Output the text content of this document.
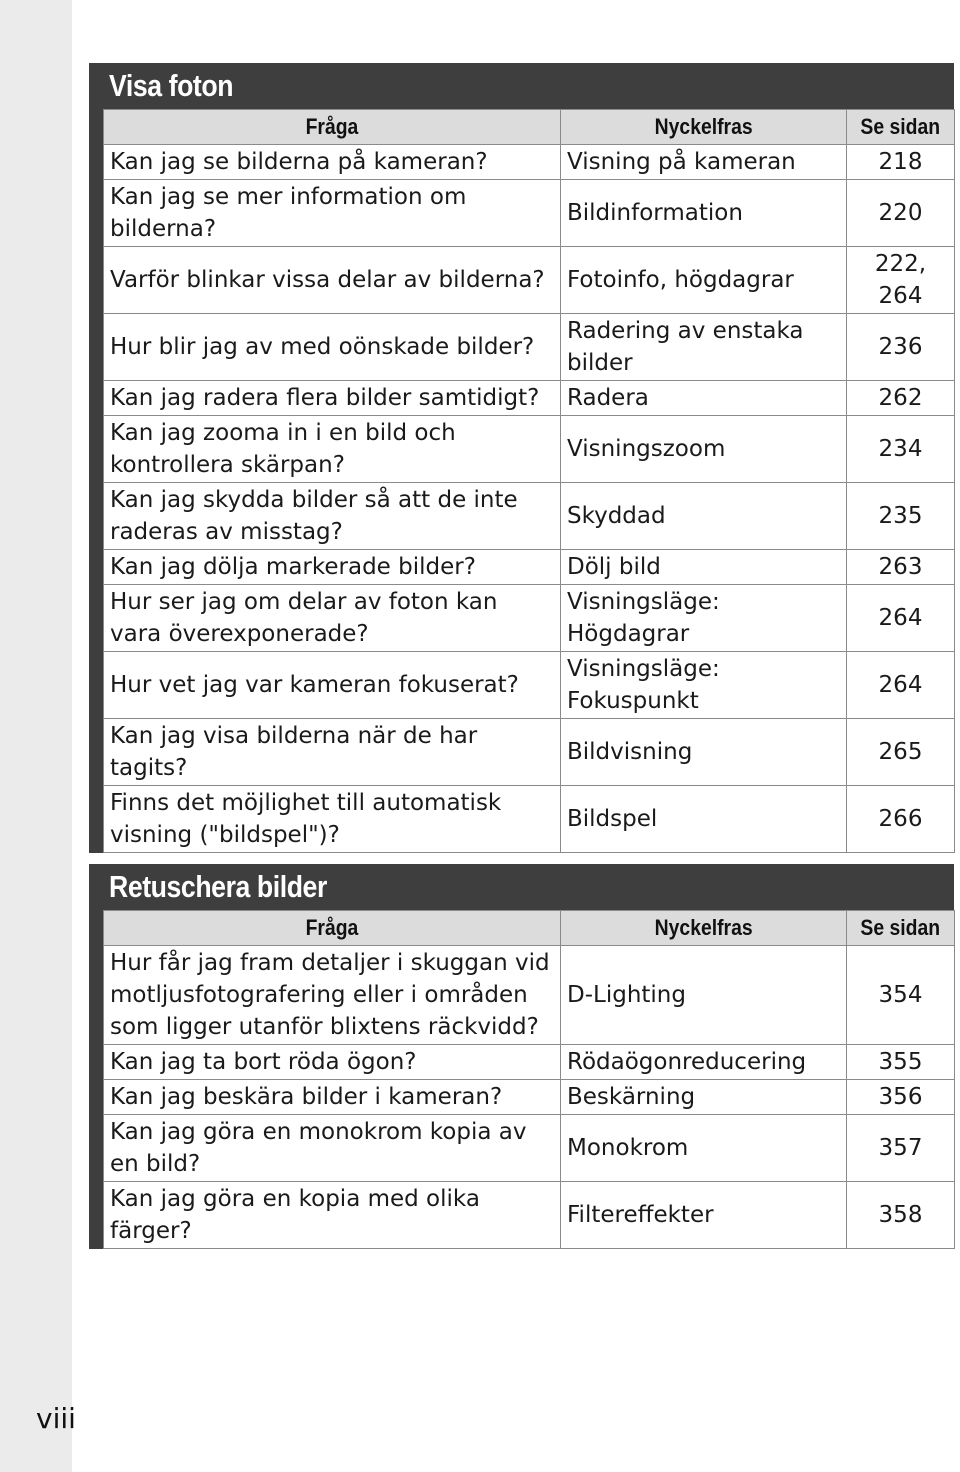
Visa foton
Fråga	Nyckelfras	Se sidan
Kan jag se bilderna på kameran?	Visning på kameran	218
Kan jag se mer information om bilderna?	Bildinformation	220
Varför blinkar vissa delar av bilderna?	Fotoinfo, högdagrar	222, 264
Hur blir jag av med oönskade bilder?	Radering av enstaka bilder	236
Kan jag radera flera bilder samtidigt?	Radera	262
Kan jag zooma in i en bild och kontrollera skärpan?	Visningszoom	234
Kan jag skydda bilder så att de inte raderas av misstag?	Skyddad	235
Kan jag dölja markerade bilder?	Dölj bild	263
Hur ser jag om delar av foton kan vara överexponerade?	Visningsläge: Högdagrar	264
Hur vet jag var kameran fokuserat?	Visningsläge: Fokuspunkt	264
Kan jag visa bilderna när de har tagits?	Bildvisning	265
Finns det möjlighet till automatisk visning ("bildspel")?	Bildspel	266
Retuschera bilder
Fråga	Nyckelfras	Se sidan
Hur får jag fram detaljer i skuggan vid motljusfotografering eller i områden som ligger utanför blixtens räckvidd?	D-Lighting	354
Kan jag ta bort röda ögon?	Rödaögonreducering	355
Kan jag beskära bilder i kameran?	Beskärning	356
Kan jag göra en monokrom kopia av en bild?	Monokrom	357
Kan jag göra en kopia med olika färger?	Filtereffekter	358
viii
